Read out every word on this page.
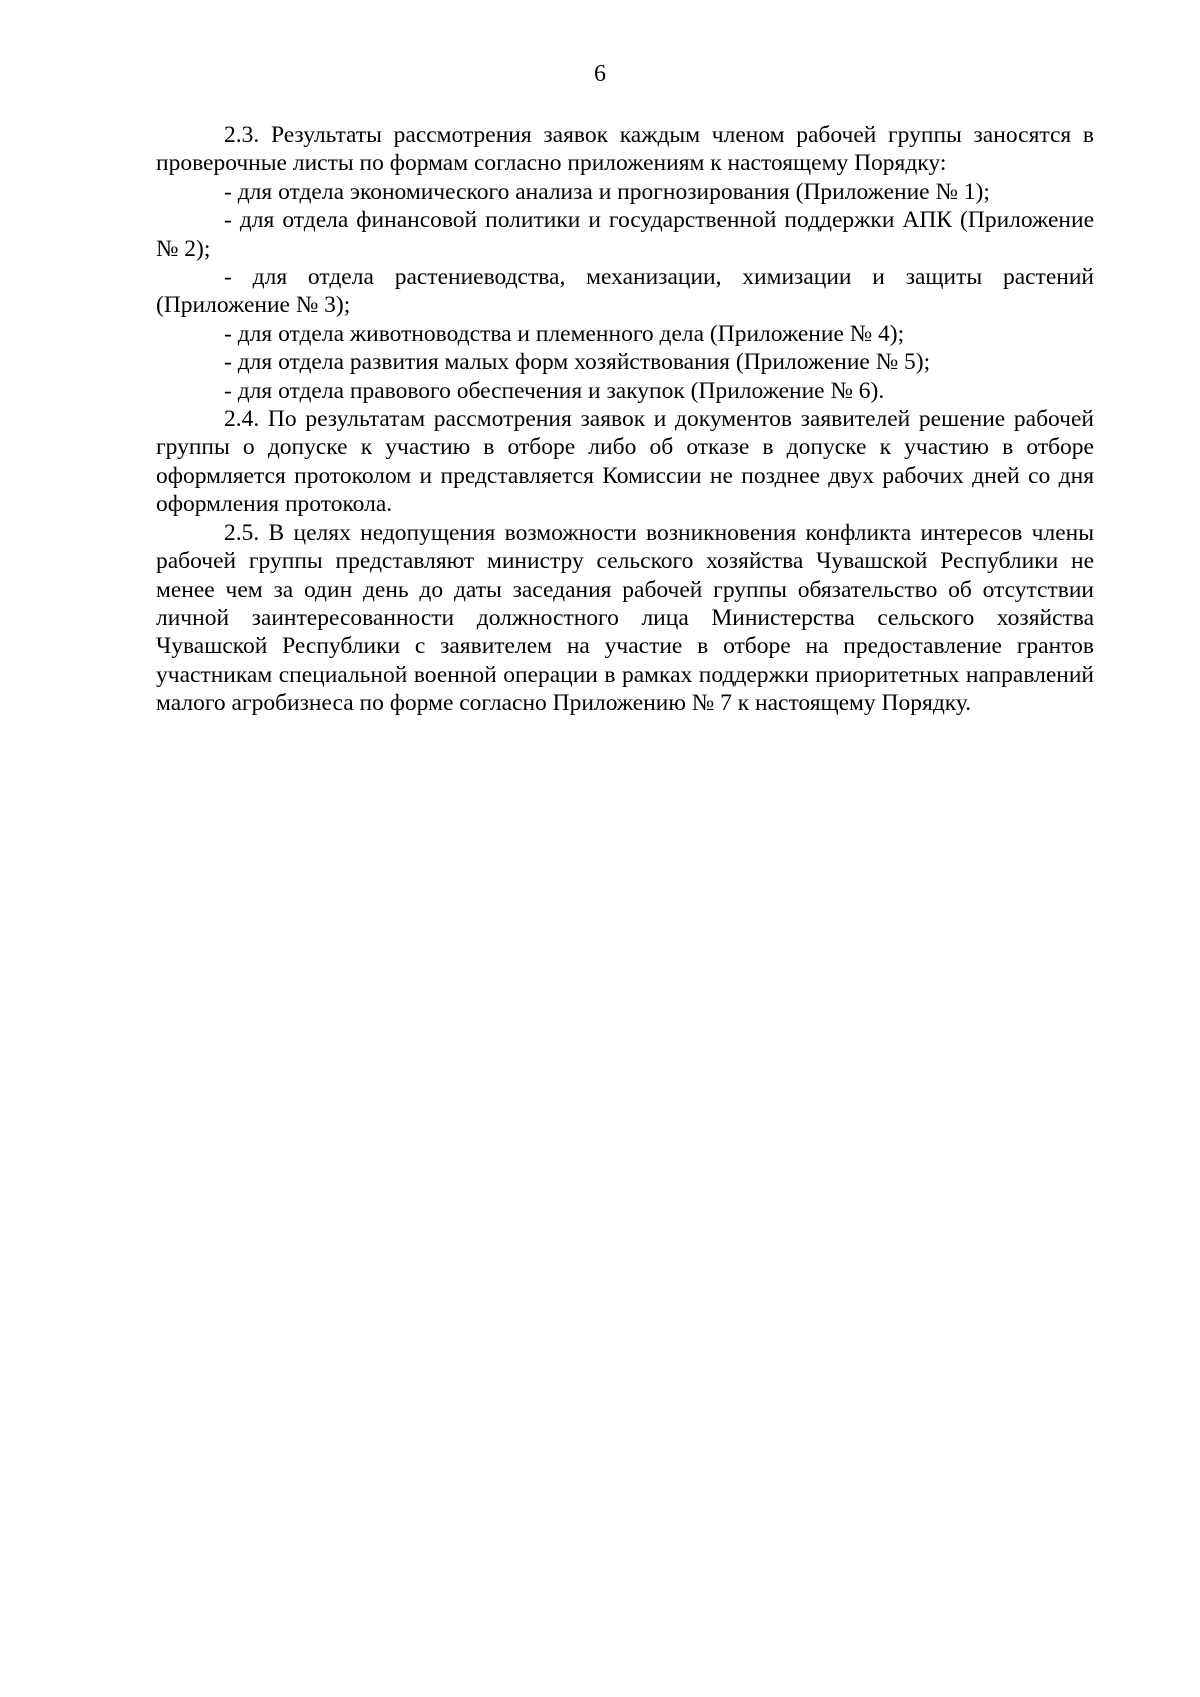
6

2.3. Результаты рассмотрения заявок каждым членом рабочей группы заносятся в проверочные листы по формам согласно приложениям к настоящему Порядку:

- для отдела экономического анализа и прогнозирования (Приложение № 1);

- для отдела финансовой политики и государственной поддержки АПК (Приложение № 2);

- для отдела растениеводства, механизации, химизации и защиты растений (Приложение № 3);

- для отдела животноводства и племенного дела (Приложение № 4);

- для отдела развития малых форм хозяйствования (Приложение № 5);

- для отдела правового обеспечения и закупок (Приложение № 6).

2.4. По результатам рассмотрения заявок и документов заявителей решение рабочей группы о допуске к участию в отборе либо об отказе в допуске к участию в отборе оформляется протоколом и представляется Комиссии не позднее двух рабочих дней со дня оформления протокола.

2.5. В целях недопущения возможности возникновения конфликта интересов члены рабочей группы представляют министру сельского хозяйства Чувашской Республики не менее чем за один день до даты заседания рабочей группы обязательство об отсутствии личной заинтересованности должностного лица Министерства сельского хозяйства Чувашской Республики с заявителем на участие в отборе на предоставление грантов участникам специальной военной операции в рамках поддержки приоритетных направлений малого агробизнеса по форме согласно Приложению № 7 к настоящему Порядку.
